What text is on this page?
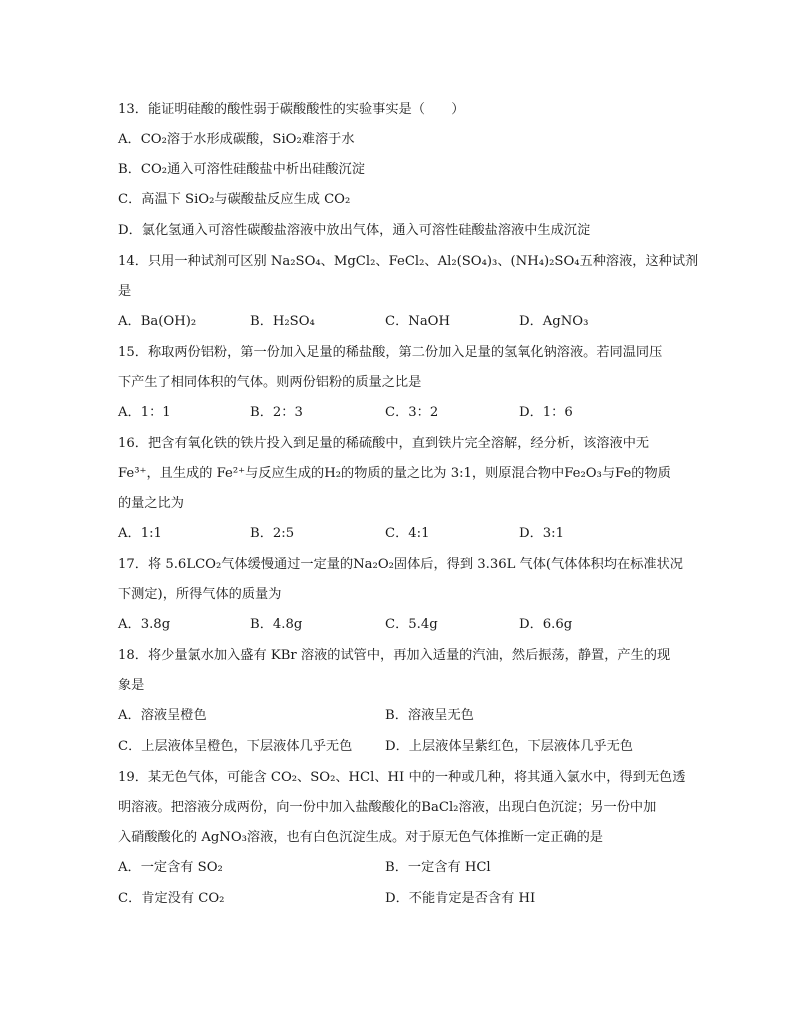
13．能证明硅酸的酸性弱于碳酸酸性的实验事实是（　　）
A．CO₂溶于水形成碳酸，SiO₂难溶于水
B．CO₂通入可溶性硅酸盐中析出硅酸沉淀
C．高温下 SiO₂与碳酸盐反应生成 CO₂
D．氯化氢通入可溶性碳酸盐溶液中放出气体，通入可溶性硅酸盐溶液中生成沉淀
14．只用一种试剂可区别 Na₂SO₄、MgCl₂、FeCl₂、Al₂(SO₄)₃、(NH₄)₂SO₄五种溶液，这种试剂
是
A．Ba(OH)₂	B．H₂SO₄	C．NaOH	D．AgNO₃
15．称取两份铝粉，第一份加入足量的稀盐酸，第二份加入足量的氢氧化钠溶液。若同温同压
下产生了相同体积的气体。则两份铝粉的质量之比是
A．1：1	B．2：3	C．3：2	D．1：6
16．把含有氧化铁的铁片投入到足量的稀硫酸中，直到铁片完全溶解，经分析，该溶液中无
Fe³⁺，且生成的 Fe²⁺与反应生成的H₂的物质的量之比为 3:1，则原混合物中Fe₂O₃与Fe的物质
的量之比为
A．1:1	B．2:5	C．4:1	D．3:1
17．将 5.6LCO₂气体缓慢通过一定量的Na₂O₂固体后，得到 3.36L 气体(气体体积均在标准状况
下测定)，所得气体的质量为
A．3.8g	B．4.8g	C．5.4g	D．6.6g
18．将少量氯水加入盛有 KBr 溶液的试管中，再加入适量的汽油，然后振荡，静置，产生的现
象是
A．溶液呈橙色	B．溶液呈无色
C．上层液体呈橙色，下层液体几乎无色 D．上层液体呈紫红色，下层液体几乎无色
19．某无色气体，可能含 CO₂、SO₂、HCl、HI 中的一种或几种，将其通入氯水中，得到无色透
明溶液。把溶液分成两份，向一份中加入盐酸酸化的BaCl₂溶液，出现白色沉淀；另一份中加
入硝酸酸化的 AgNO₃溶液，也有白色沉淀生成。对于原无色气体推断一定正确的是
A．一定含有 SO₂	B．一定含有 HCl
C．肯定没有 CO₂	D．不能肯定是否含有 HI
